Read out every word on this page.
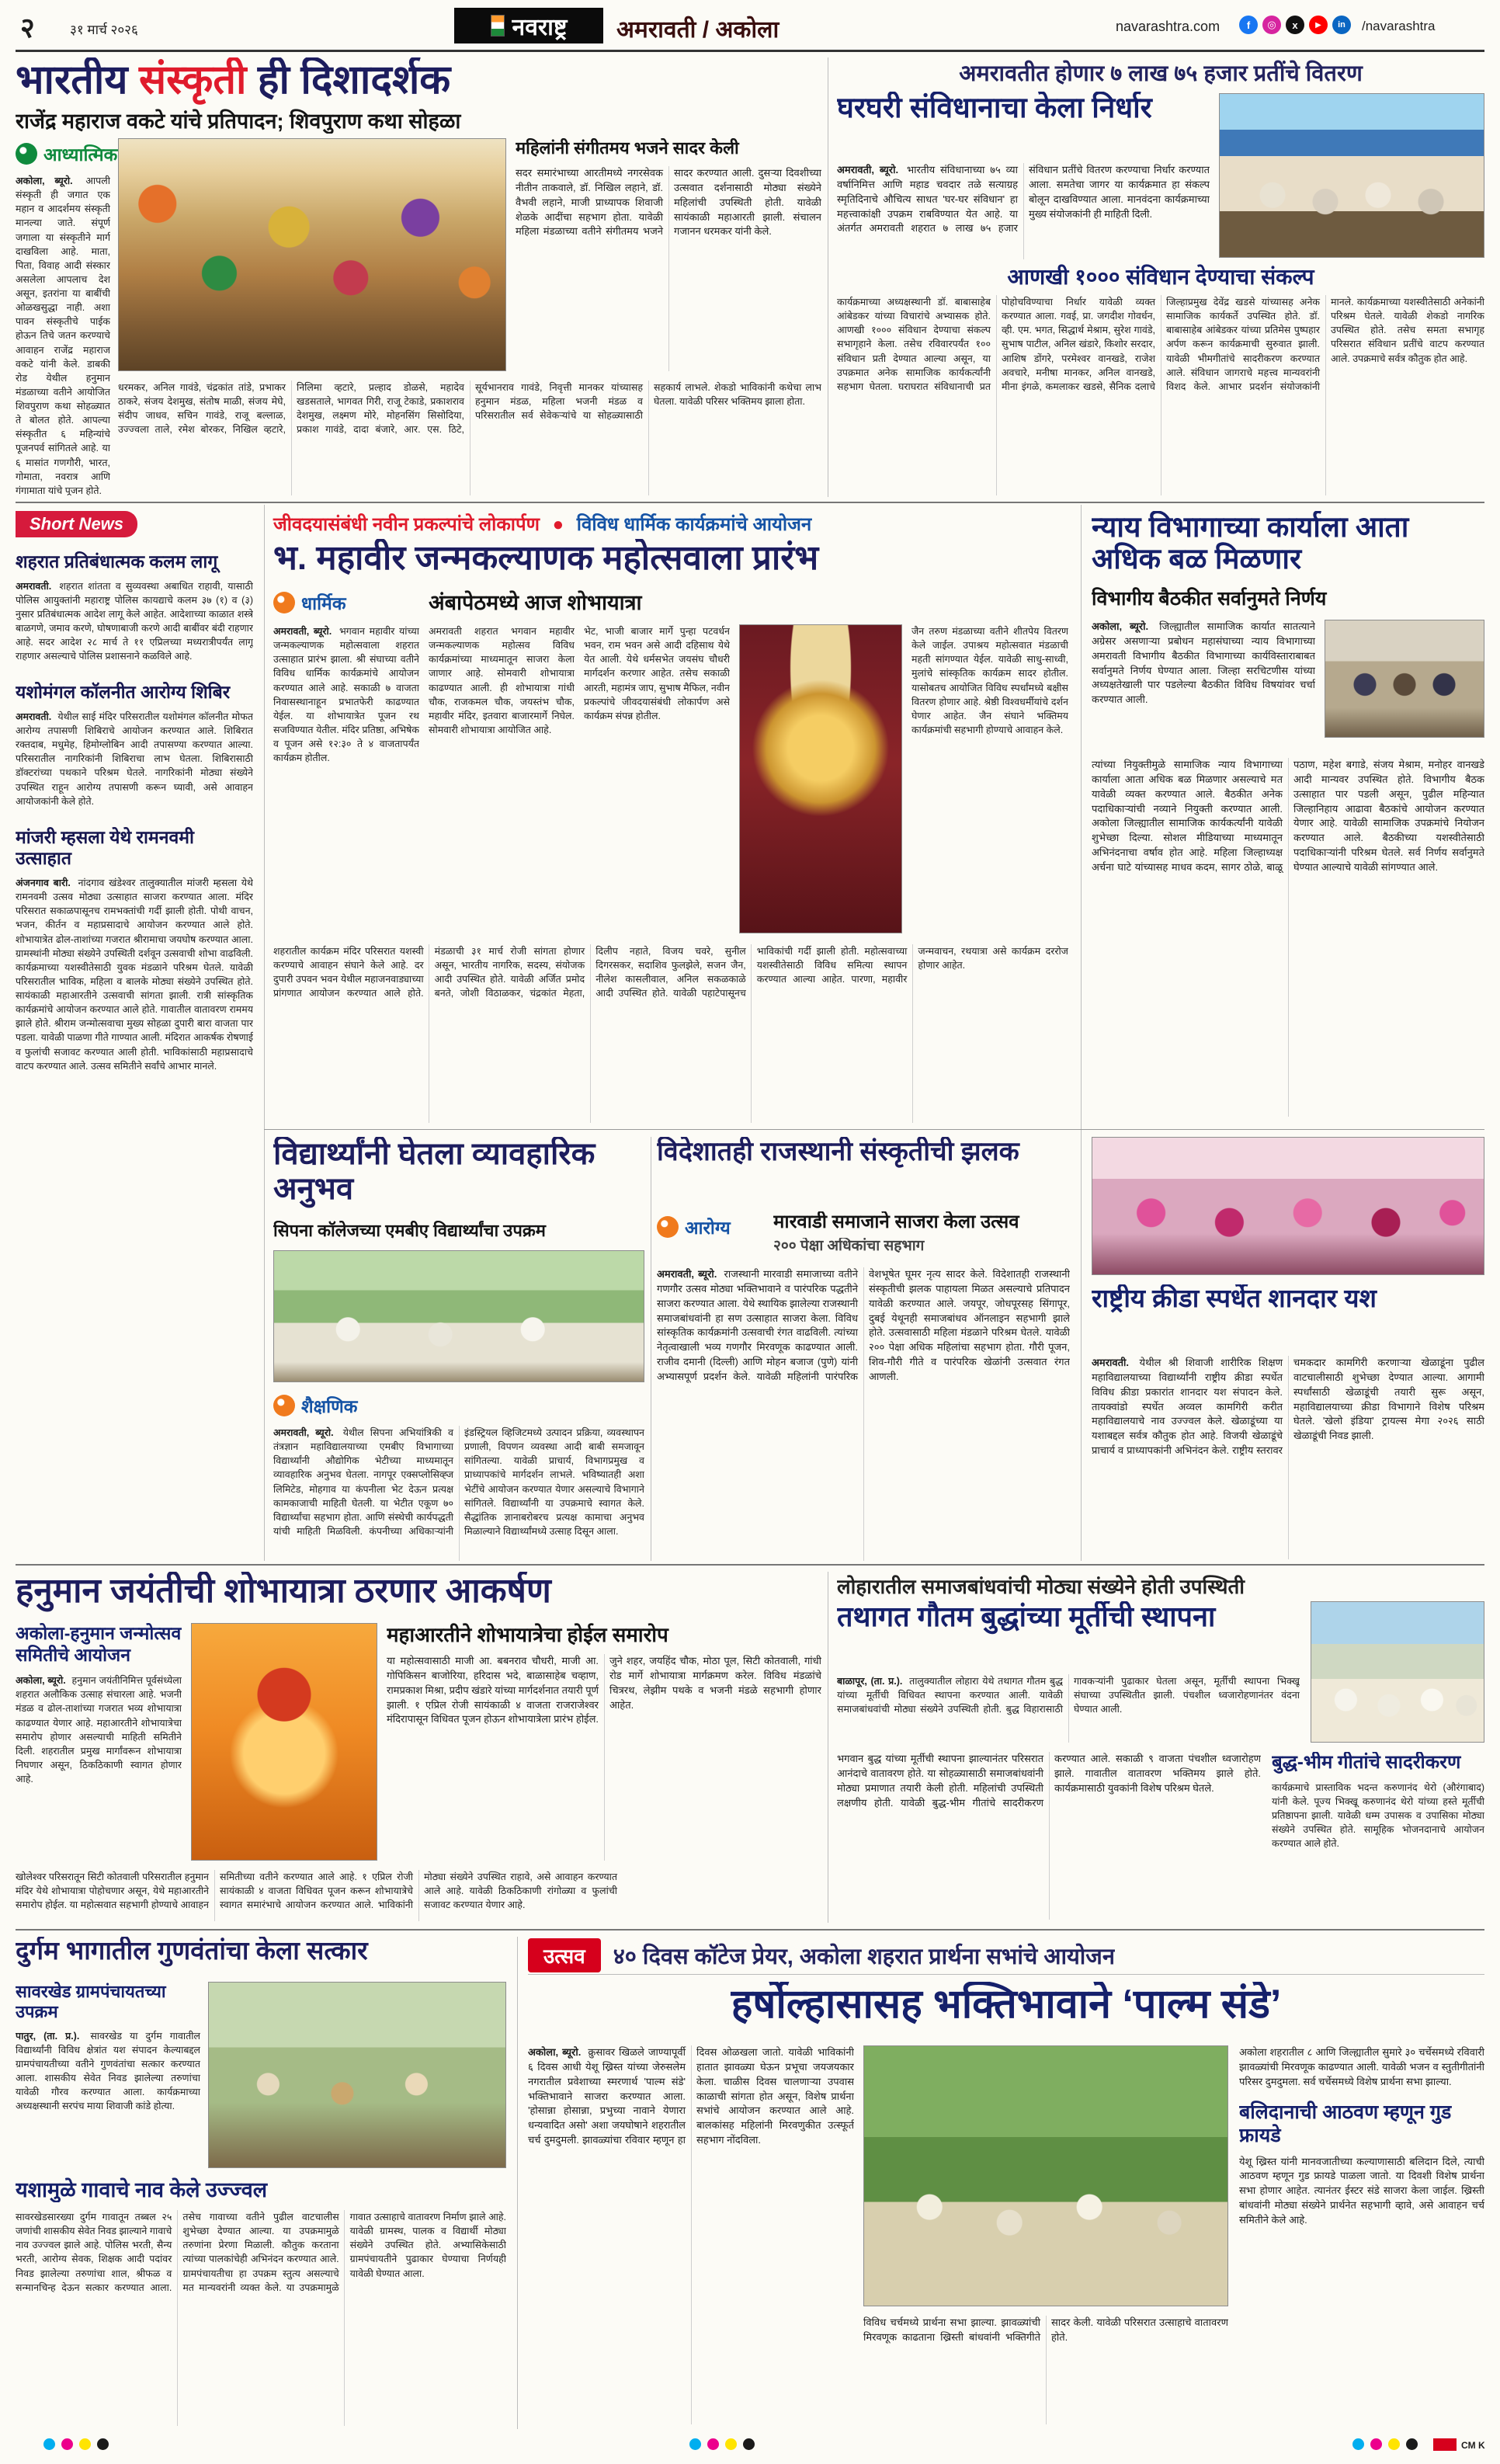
२	३१ मार्च २०२६	नवराष्ट्र अमरावती / अकोला	navarashtra.com	f	◎	x	▶	in	/navarashtra
भारतीय संस्कृती ही दिशादर्शक
राजेंद्र महाराज वकटे यांचे प्रतिपादन; शिवपुराण कथा सोहळा
आध्यात्मिक
अकोला, ब्यूरो. आपली संस्कृती ही जगात एक महान व आदर्शमय संस्कृती मानल्या जाते. संपूर्ण जगाला या संस्कृतीने मार्ग दाखविला आहे. माता, पिता, विवाह आदी संस्कार असलेला आपलाच देश असून, इतरांना या बाबींची ओळखसुद्धा नाही. अशा पावन संस्कृतीचे पाईक होऊन तिचे जतन करण्याचे आवाहन राजेंद्र महाराज वकटे यांनी केले. डाबकी रोड येथील हनुमान मंडळाच्या वतीने आयोजित शिवपुराण कथा सोहळ्यात ते बोलत होते. आपल्या संस्कृतीत ६ महिन्यांचे पूजनपर्व सांगितले आहे. या ६ मासांत गणगौरी, भारत, गोमाता, नवरात्र आणि गंगामाता यांचे पूजन होते.
महिलांनी संगीतमय भजने सादर केली
सदर समारंभाच्या आरतीमध्ये नगरसेवक नीतीन ताकवाले, डॉ. निखिल लहाने, डॉ. वैभवी लहाने, माजी प्राध्यापक शिवाजी शेळके आदींचा सहभाग होता. यावेळी महिला मंडळाच्या वतीने संगीतमय भजने सादर करण्यात आली. दुसऱ्या दिवशीच्या उत्सवात दर्शनासाठी मोठ्या संख्येने महिलांची उपस्थिती होती. यावेळी सायंकाळी महाआरती झाली. संचालन गजानन धरमकर यांनी केले.
धरमकर, अनिल गावंडे, चंद्रकांत तांडे, प्रभाकर ठाकरे, संजय देशमुख, संतोष माळी, संजय मेघे, संदीप जाधव, सचिन गावंडे, राजू बल्लाळ, उज्ज्वला ताले, रमेश बोरकर, निखिल व्हटारे, निलिमा व्हटारे, प्रल्हाद डोळसे, महादेव खडसताले, भागवत गिरी, राजू टेकाडे, प्रकाशराव देशमुख, लक्ष्मण मोरे, मोहनसिंग सिसोदिया, प्रकाश गावंडे, दादा बंजारे, आर. एस. ठिटे, सूर्यभानराव गावंडे, निवृत्ती मानकर यांच्यासह हनुमान मंडळ, महिला भजनी मंडळ व परिसरातील सर्व सेवेकऱ्यांचे या सोहळ्यासाठी सहकार्य लाभले. शेकडो भाविकांनी कथेचा लाभ घेतला. यावेळी परिसर भक्तिमय झाला होता.
अमरावतीत होणार ७ लाख ७५ हजार प्रतींचे वितरण
घरघरी संविधानाचा केला निर्धार
अमरावती, ब्यूरो. भारतीय संविधानाच्या ७५ व्या वर्षानिमित्त आणि महाड चवदार तळे सत्याग्रह स्मृतिदिनाचे औचित्य साधत 'घर-घर संविधान' हा महत्त्वाकांक्षी उपक्रम राबविण्यात येत आहे. या अंतर्गत अमरावती शहरात ७ लाख ७५ हजार संविधान प्रतींचे वितरण करण्याचा निर्धार करण्यात आला. समतेचा जागर या कार्यक्रमात हा संकल्प बोलून दाखविण्यात आला. मानवंदना कार्यक्रमाच्या मुख्य संयोजकांनी ही माहिती दिली.
आणखी १००० संविधान देण्याचा संकल्प
कार्यक्रमाच्या अध्यक्षस्थानी डॉ. बाबासाहेब आंबेडकर यांच्या विचारांचे अभ्यासक होते. आणखी १००० संविधान देण्याचा संकल्प सभागृहाने केला. तसेच रविवारपर्यंत १०० संविधान प्रती देण्यात आल्या असून, या उपक्रमात अनेक सामाजिक कार्यकर्त्यांनी सहभाग घेतला. घराघरात संविधानाची प्रत पोहोचविण्याचा निर्धार यावेळी व्यक्त करण्यात आला. गवई, प्रा. जगदीश गोवर्धन, व्ही. एम. भगत, सिद्धार्थ मेश्राम, सुरेश गावंडे, सुभाष पाटील, अनिल खंडारे, किशोर सरदार, आशिष डोंगरे, परमेश्वर वानखडे, राजेश अवचारे, मनीषा मानकर, अनिल वानखडे, मीना इंगळे, कमलाकर खडसे, सैनिक दलाचे जिल्हाप्रमुख देवेंद्र खडसे यांच्यासह अनेक सामाजिक कार्यकर्ते उपस्थित होते. डॉ. बाबासाहेब आंबेडकर यांच्या प्रतिमेस पुष्पहार अर्पण करून कार्यक्रमाची सुरुवात झाली. यावेळी भीमगीतांचे सादरीकरण करण्यात आले. संविधान जागराचे महत्त्व मान्यवरांनी विशद केले. आभार प्रदर्शन संयोजकांनी मानले. कार्यक्रमाच्या यशस्वीतेसाठी अनेकांनी परिश्रम घेतले. यावेळी शेकडो नागरिक उपस्थित होते. तसेच समता सभागृह परिसरात संविधान प्रतींचे वाटप करण्यात आले. उपक्रमाचे सर्वत्र कौतुक होत आहे.
Short News
शहरात प्रतिबंधात्मक कलम लागू
अमरावती. शहरात शांतता व सुव्यवस्था अबाधित राहावी, यासाठी पोलिस आयुक्तांनी महाराष्ट्र पोलिस कायद्याचे कलम ३७ (१) व (३) नुसार प्रतिबंधात्मक आदेश लागू केले आहेत. आदेशाच्या काळात शस्त्रे बाळगणे, जमाव करणे, घोषणाबाजी करणे आदी बाबींवर बंदी राहणार आहे. सदर आदेश २८ मार्च ते ११ एप्रिलच्या मध्यरात्रीपर्यंत लागू राहणार असल्याचे पोलिस प्रशासनाने कळविले आहे.
यशोमंगल कॉलनीत आरोग्य शिबिर
अमरावती. येथील साई मंदिर परिसरातील यशोमंगल कॉलनीत मोफत आरोग्य तपासणी शिबिराचे आयोजन करण्यात आले. शिबिरात रक्तदाब, मधुमेह, हिमोग्लोबिन आदी तपासण्या करण्यात आल्या. परिसरातील नागरिकांनी शिबिराचा लाभ घेतला. शिबिरासाठी डॉक्टरांच्या पथकाने परिश्रम घेतले. नागरिकांनी मोठ्या संख्येने उपस्थित राहून आरोग्य तपासणी करून घ्यावी, असे आवाहन आयोजकांनी केले होते.
मांजरी म्हसला येथे रामनवमी उत्साहात
अंजनगाव बारी. नांदगाव खंडेश्वर तालुक्यातील मांजरी म्हसला येथे रामनवमी उत्सव मोठ्या उत्साहात साजरा करण्यात आला. मंदिर परिसरात सकाळपासूनच रामभक्तांची गर्दी झाली होती. पोथी वाचन, भजन, कीर्तन व महाप्रसादाचे आयोजन करण्यात आले होते. शोभायात्रेत ढोल-ताशांच्या गजरात श्रीरामाचा जयघोष करण्यात आला. ग्रामस्थांनी मोठ्या संख्येने उपस्थिती दर्शवून उत्सवाची शोभा वाढविली. कार्यक्रमाच्या यशस्वीतेसाठी युवक मंडळाने परिश्रम घेतले. यावेळी परिसरातील भाविक, महिला व बालके मोठ्या संख्येने उपस्थित होते. सायंकाळी महाआरतीने उत्सवाची सांगता झाली. रात्री सांस्कृतिक कार्यक्रमांचे आयोजन करण्यात आले होते. गावातील वातावरण राममय झाले होते. श्रीराम जन्मोत्सवाचा मुख्य सोहळा दुपारी बारा वाजता पार पडला. यावेळी पाळणा गीते गाण्यात आली. मंदिरात आकर्षक रोषणाई व फुलांची सजावट करण्यात आली होती. भाविकांसाठी महाप्रसादाचे वाटप करण्यात आले. उत्सव समितीने सर्वांचे आभार मानले.
जीवदयासंबंधी नवीन प्रकल्पांचे लोकार्पण ● विविध धार्मिक कार्यक्रमांचे आयोजन
भ. महावीर जन्मकल्याणक महोत्सवाला प्रारंभ
धार्मिक	अंबापेठमध्ये आज शोभायात्रा
अमरावती, ब्यूरो. भगवान महावीर यांच्या जन्मकल्याणक महोत्सवाला शहरात उत्साहात प्रारंभ झाला. श्री संघाच्या वतीने विविध धार्मिक कार्यक्रमांचे आयोजन करण्यात आले आहे. सकाळी ७ वाजता निवासस्थानाहून प्रभातफेरी काढण्यात येईल. या शोभायात्रेत पूजन रथ सजविण्यात येतील. मंदिर प्रतिष्ठा, अभिषेक व पूजन असे १२:३० ते ४ वाजतापर्यंत कार्यक्रम होतील.
अमरावती शहरात भगवान महावीर जन्मकल्याणक महोत्सव विविध कार्यक्रमांच्या माध्यमातून साजरा केला जाणार आहे. सोमवारी शोभायात्रा काढण्यात आली. ही शोभायात्रा गांधी चौक, राजकमल चौक, जयस्तंभ चौक, महावीर मंदिर, इतवारा बाजारमार्गे निघेल. सोमवारी शोभायात्रा आयोजित आहे.
भेट, भाजी बाजार मार्गे पुन्हा पटवर्धन भवन, राम भवन असे आदी दहिसाथ येथे येत आली. येथे धर्मसभेत जयसंघ चौधरी मार्गदर्शन करणार आहेत. तसेच सकाळी आरती, महामंत्र जाप, सुभाष मैफिल, नवीन प्रकल्पांचे जीवदयासंबंधी लोकार्पण असे कार्यक्रम संपन्न होतील.
जैन तरुण मंडळाच्या वतीने शीतपेय वितरण केले जाईल. उपाश्रय महोत्सवात मंडळाची महती सांगण्यात येईल. यावेळी साधु-साध्वी, मुलांचे सांस्कृतिक कार्यक्रम सादर होतील. यासोबतच आयोजित विविध स्पर्धांमध्ये बक्षीस वितरण होणार आहे. श्रेष्ठी विश्वधर्मीयांचे दर्शन घेणार आहेत. जैन संघाने भक्तिमय कार्यक्रमांची सहभागी होण्याचे आवाहन केले.
शहरातील कार्यक्रम मंदिर परिसरात यशस्वी करण्याचे आवाहन संघाने केले आहे. दर दुपारी उपवन भवन येथील महाजनवाड्याच्या प्रांगणात आयोजन करण्यात आले होते. मंडळाची ३१ मार्च रोजी सांगता होणार असून, भारतीय नागरिक, सदस्य, संयोजक आदी उपस्थित होते. यावेळी अर्जित प्रमोद बनते, जोशी विठाळकर, चंद्रकांत मेहता, दिलीप नहाते, विजय चवरे, सुनील दिगरसकर, सदाशिव फुलझेले, सजन जैन, नीलेश कासलीवाल, अनिल सकळकाळे आदी उपस्थित होते. यावेळी पहाटेपासूनच भाविकांची गर्दी झाली होती. महोत्सवाच्या यशस्वीतेसाठी विविध समित्या स्थापन करण्यात आल्या आहेत. पारणा, महावीर जन्मवाचन, रथयात्रा असे कार्यक्रम दररोज होणार आहेत.
न्याय विभागाच्या कार्याला आता अधिक बळ मिळणार
विभागीय बैठकीत सर्वानुमते निर्णय
अकोला, ब्यूरो. जिल्ह्यातील सामाजिक कार्यात सातत्याने अग्रेसर असणाऱ्या प्रबोधन महासंघाच्या न्याय विभागाच्या अमरावती विभागीय बैठकीत विभागाच्या कार्यविस्ताराबाबत सर्वानुमते निर्णय घेण्यात आला. जिल्हा सरचिटणीस यांच्या अध्यक्षतेखाली पार पडलेल्या बैठकीत विविध विषयांवर चर्चा करण्यात आली.
त्यांच्या नियुक्तीमुळे सामाजिक न्याय विभागाच्या कार्याला आता अधिक बळ मिळणार असल्याचे मत यावेळी व्यक्त करण्यात आले. बैठकीत अनेक पदाधिकाऱ्यांची नव्याने नियुक्ती करण्यात आली. अकोला जिल्ह्यातील सामाजिक कार्यकर्त्यांनी यावेळी शुभेच्छा दिल्या. सोशल मीडियाच्या माध्यमातून अभिनंदनाचा वर्षाव होत आहे. महिला जिल्हाध्यक्ष अर्चना घाटे यांच्यासह माधव कदम, सागर ठोळे, बाळू पठाण, महेश बगाडे, संजय मेश्राम, मनोहर वानखडे आदी मान्यवर उपस्थित होते. विभागीय बैठक उत्साहात पार पडली असून, पुढील महिन्यात जिल्हानिहाय आढावा बैठकांचे आयोजन करण्यात येणार आहे. यावेळी सामाजिक उपक्रमांचे नियोजन करण्यात आले. बैठकीच्या यशस्वीतेसाठी पदाधिकाऱ्यांनी परिश्रम घेतले. सर्व निर्णय सर्वानुमते घेण्यात आल्याचे यावेळी सांगण्यात आले.
विद्यार्थ्यांनी घेतला व्यावहारिक अनुभव
सिपना कॉलेजच्या एमबीए विद्यार्थ्यांचा उपक्रम
शैक्षणिक
अमरावती, ब्यूरो. येथील सिपना अभियांत्रिकी व तंत्रज्ञान महाविद्यालयाच्या एमबीए विभागाच्या विद्यार्थ्यांनी औद्योगिक भेटीच्या माध्यमातून व्यावहारिक अनुभव घेतला. नागपूर एक्सप्लोसिव्ह्ज लिमिटेड, मोहगाव या कंपनीला भेट देऊन प्रत्यक्ष कामकाजाची माहिती घेतली. या भेटीत एकूण ७० विद्यार्थ्यांचा सहभाग होता. आणि संस्थेची कार्यपद्धती यांची माहिती मिळविली. कंपनीच्या अधिकाऱ्यांनी इंडस्ट्रियल व्हिजिटमध्ये उत्पादन प्रक्रिया, व्यवस्थापन प्रणाली, विपणन व्यवस्था आदी बाबी समजावून सांगितल्या. यावेळी प्राचार्य, विभागप्रमुख व प्राध्यापकांचे मार्गदर्शन लाभले. भविष्यातही अशा भेटींचे आयोजन करण्यात येणार असल्याचे विभागाने सांगितले. विद्यार्थ्यांनी या उपक्रमाचे स्वागत केले. सैद्धांतिक ज्ञानाबरोबरच प्रत्यक्ष कामाचा अनुभव मिळाल्याने विद्यार्थ्यांमध्ये उत्साह दिसून आला.
विदेशातही राजस्थानी संस्कृतीची झलक
आरोग्य मारवाडी समाजाने साजरा केला उत्सव
२०० पेक्षा अधिकांचा सहभाग
अमरावती, ब्यूरो. राजस्थानी मारवाडी समाजाच्या वतीने गणगौर उत्सव मोठ्या भक्तिभावाने व पारंपरिक पद्धतीने साजरा करण्यात आला. येथे स्थायिक झालेल्या राजस्थानी समाजबांधवांनी हा सण उत्साहात साजरा केला. विविध सांस्कृतिक कार्यक्रमांनी उत्सवाची रंगत वाढविली. त्यांच्या नेतृत्वाखाली भव्य गणगौर मिरवणूक काढण्यात आली. राजीव दमानी (दिल्ली) आणि मोहन बजाज (पुणे) यांनी अभ्यासपूर्ण प्रदर्शन केले. यावेळी महिलांनी पारंपरिक वेशभूषेत घूमर नृत्य सादर केले. विदेशातही राजस्थानी संस्कृतीची झलक पाहायला मिळत असल्याचे प्रतिपादन यावेळी करण्यात आले. जयपूर, जोधपूरसह सिंगापूर, दुबई येथूनही समाजबांधव ऑनलाइन सहभागी झाले होते. उत्सवासाठी महिला मंडळाने परिश्रम घेतले. यावेळी २०० पेक्षा अधिक महिलांचा सहभाग होता. गौरी पूजन, शिव-गौरी गीते व पारंपरिक खेळांनी उत्सवात रंगत आणली.
राष्ट्रीय क्रीडा स्पर्धेत शानदार यश
अमरावती. येथील श्री शिवाजी शारीरिक शिक्षण महाविद्यालयाच्या विद्यार्थ्यांनी राष्ट्रीय क्रीडा स्पर्धेत विविध क्रीडा प्रकारांत शानदार यश संपादन केले. तायक्वांडो स्पर्धेत अव्वल कामगिरी करीत महाविद्यालयाचे नाव उज्ज्वल केले. खेळाडूंच्या या यशाबद्दल सर्वत्र कौतुक होत आहे. विजयी खेळाडूंचे प्राचार्य व प्राध्यापकांनी अभिनंदन केले. राष्ट्रीय स्तरावर चमकदार कामगिरी करणाऱ्या खेळाडूंना पुढील वाटचालीसाठी शुभेच्छा देण्यात आल्या. आगामी स्पर्धांसाठी खेळाडूंची तयारी सुरू असून, महाविद्यालयाच्या क्रीडा विभागाने विशेष परिश्रम घेतले. 'खेलो इंडिया' ट्रायल्स मेगा २०२६ साठी खेळाडूंची निवड झाली.
हनुमान जयंतीची शोभायात्रा ठरणार आकर्षण
अकोला-हनुमान जन्मोत्सव समितीचे आयोजन
अकोला, ब्यूरो. हनुमान जयंतीनिमित्त पूर्वसंध्येला शहरात अलौकिक उत्साह संचारला आहे. भजनी मंडळ व ढोल-ताशांच्या गजरात भव्य शोभायात्रा काढण्यात येणार आहे. महाआरतीने शोभायात्रेचा समारोप होणार असल्याची माहिती समितीने दिली. शहरातील प्रमुख मार्गांवरून शोभायात्रा निघणार असून, ठिकठिकाणी स्वागत होणार आहे.
महाआरतीने शोभायात्रेचा होईल समारोप
या महोत्सवासाठी माजी आ. बबनराव चौधरी, माजी आ. गोपिकिसन बाजोरिया, हरिदास भदे, बाळासाहेब चव्हाण, रामप्रकाश मिश्रा, प्रदीप खंडारे यांच्या मार्गदर्शनात तयारी पूर्ण झाली. १ एप्रिल रोजी सायंकाळी ४ वाजता राजराजेश्वर मंदिरापासून विधिवत पूजन होऊन शोभायात्रेला प्रारंभ होईल. जुने शहर, जयहिंद चौक, मोठा पूल, सिटी कोतवाली, गांधी रोड मार्गे शोभायात्रा मार्गक्रमण करेल. विविध मंडळांचे चित्ररथ, लेझीम पथके व भजनी मंडळे सहभागी होणार आहेत.
खोलेश्वर परिसरातून सिटी कोतवाली परिसरातील हनुमान मंदिर येथे शोभायात्रा पोहोचणार असून, येथे महाआरतीने समारोप होईल. या महोत्सवात सहभागी होण्याचे आवाहन समितीच्या वतीने करण्यात आले आहे. १ एप्रिल रोजी सायंकाळी ४ वाजता विधिवत पूजन करून शोभायात्रेचे स्वागत समारंभाचे आयोजन करण्यात आले. भाविकांनी मोठ्या संख्येने उपस्थित राहावे, असे आवाहन करण्यात आले आहे. यावेळी ठिकठिकाणी रांगोळ्या व फुलांची सजावट करण्यात येणार आहे.
लोहारातील समाजबांधवांची मोठ्या संख्येने होती उपस्थिती
तथागत गौतम बुद्धांच्या मूर्तीची स्थापना
बाळापूर, (ता. प्र.). तालुक्यातील लोहारा येथे तथागत गौतम बुद्ध यांच्या मूर्तीची विधिवत स्थापना करण्यात आली. यावेळी समाजबांधवांची मोठ्या संख्येने उपस्थिती होती. बुद्ध विहारासाठी गावकऱ्यांनी पुढाकार घेतला असून, मूर्तीची स्थापना भिक्खू संघाच्या उपस्थितीत झाली. पंचशील ध्वजारोहणानंतर वंदना घेण्यात आली.
भगवान बुद्ध यांच्या मूर्तीची स्थापना झाल्यानंतर परिसरात आनंदाचे वातावरण होते. या सोहळ्यासाठी समाजबांधवांनी मोठ्या प्रमाणात तयारी केली होती. महिलांची उपस्थिती लक्षणीय होती. यावेळी बुद्ध-भीम गीतांचे सादरीकरण करण्यात आले. सकाळी ९ वाजता पंचशील ध्वजारोहण झाले. गावातील वातावरण भक्तिमय झाले होते. कार्यक्रमासाठी युवकांनी विशेष परिश्रम घेतले.
बुद्ध-भीम गीतांचे सादरीकरण
कार्यक्रमाचे प्रास्ताविक भदन्त करुणानंद थेरो (औरंगाबाद) यांनी केले. पूज्य भिक्खू करुणानंद थेरो यांच्या हस्ते मूर्तीची प्रतिष्ठापना झाली. यावेळी धम्म उपासक व उपासिका मोठ्या संख्येने उपस्थित होते. सामूहिक भोजनदानाचे आयोजन करण्यात आले होते.
दुर्गम भागातील गुणवंतांचा केला सत्कार
सावरखेड ग्रामपंचायतच्या उपक्रम
पातुर, (ता. प्र.). सावरखेड या दुर्गम गावातील विद्यार्थ्यांनी विविध क्षेत्रांत यश संपादन केल्याबद्दल ग्रामपंचायतीच्या वतीने गुणवंतांचा सत्कार करण्यात आला. शासकीय सेवेत निवड झालेल्या तरुणांचा यावेळी गौरव करण्यात आला. कार्यक्रमाच्या अध्यक्षस्थानी सरपंच माया शिवाजी कांडे होत्या.
यशामुळे गावाचे नाव केले उज्ज्वल
सावरखेडसारख्या दुर्गम गावातून तब्बल २५ जणांची शासकीय सेवेत निवड झाल्याने गावाचे नाव उज्ज्वल झाले आहे. पोलिस भरती, सैन्य भरती, आरोग्य सेवक, शिक्षक आदी पदांवर निवड झालेल्या तरुणांचा शाल, श्रीफळ व सन्मानचिन्ह देऊन सत्कार करण्यात आला. तसेच गावाच्या वतीने पुढील वाटचालीस शुभेच्छा देण्यात आल्या. या उपक्रमामुळे तरुणांना प्रेरणा मिळाली. कौतुक करताना त्यांच्या पालकांचेही अभिनंदन करण्यात आले. ग्रामपंचायतीचा हा उपक्रम स्तुत्य असल्याचे मत मान्यवरांनी व्यक्त केले. या उपक्रमामुळे गावात उत्साहाचे वातावरण निर्माण झाले आहे. यावेळी ग्रामस्थ, पालक व विद्यार्थी मोठ्या संख्येने उपस्थित होते. अभ्यासिकेसाठी ग्रामपंचायतीने पुढाकार घेण्याचा निर्णयही यावेळी घेण्यात आला.
उत्सव	४० दिवस कॉटेज प्रेयर, अकोला शहरात प्रार्थना सभांचे आयोजन
हर्षोल्हासासह भक्तिभावाने ‘पाल्म संडे’
अकोला, ब्यूरो. क्रुसावर खिळले जाण्यापूर्वी ६ दिवस आधी येशू ख्रिस्त यांच्या जेरुसलेम नगरातील प्रवेशाच्या स्मरणार्थ 'पाल्म संडे' भक्तिभावाने साजरा करण्यात आला. 'होसान्ना होसान्ना, प्रभुच्या नावाने येणारा धन्यवादित असो' अशा जयघोषाने शहरातील चर्च दुमदुमली. झावळ्यांचा रविवार म्हणून हा दिवस ओळखला जातो. यावेळी भाविकांनी हातात झावळ्या घेऊन प्रभूचा जयजयकार केला. चाळीस दिवस चालणाऱ्या उपवास काळाची सांगता होत असून, विशेष प्रार्थना सभांचे आयोजन करण्यात आले आहे. बालकांसह महिलांनी मिरवणुकीत उत्स्फूर्त सहभाग नोंदविला.
विविध चर्चमध्ये प्रार्थना सभा झाल्या. झावळ्यांची मिरवणूक काढताना ख्रिस्ती बांधवांनी भक्तिगीते सादर केली. यावेळी परिसरात उत्साहाचे वातावरण होते.
अकोला शहरातील ८ आणि जिल्ह्यातील सुमारे ३० चर्चेसमध्ये रविवारी झावळ्यांची मिरवणूक काढण्यात आली. यावेळी भजन व स्तुतीगीतांनी परिसर दुमदुमला. सर्व चर्चेसमध्ये विशेष प्रार्थना सभा झाल्या.
बलिदानाची आठवण म्हणून गुड फ्रायडे
येशू ख्रिस्त यांनी मानवजातीच्या कल्याणासाठी बलिदान दिले, त्याची आठवण म्हणून गुड फ्रायडे पाळला जातो. या दिवशी विशेष प्रार्थना सभा होणार आहेत. त्यानंतर ईस्टर संडे साजरा केला जाईल. ख्रिस्ती बांधवांनी मोठ्या संख्येने प्रार्थनेत सहभागी व्हावे, असे आवाहन चर्च समितीने केले आहे.
CM K
